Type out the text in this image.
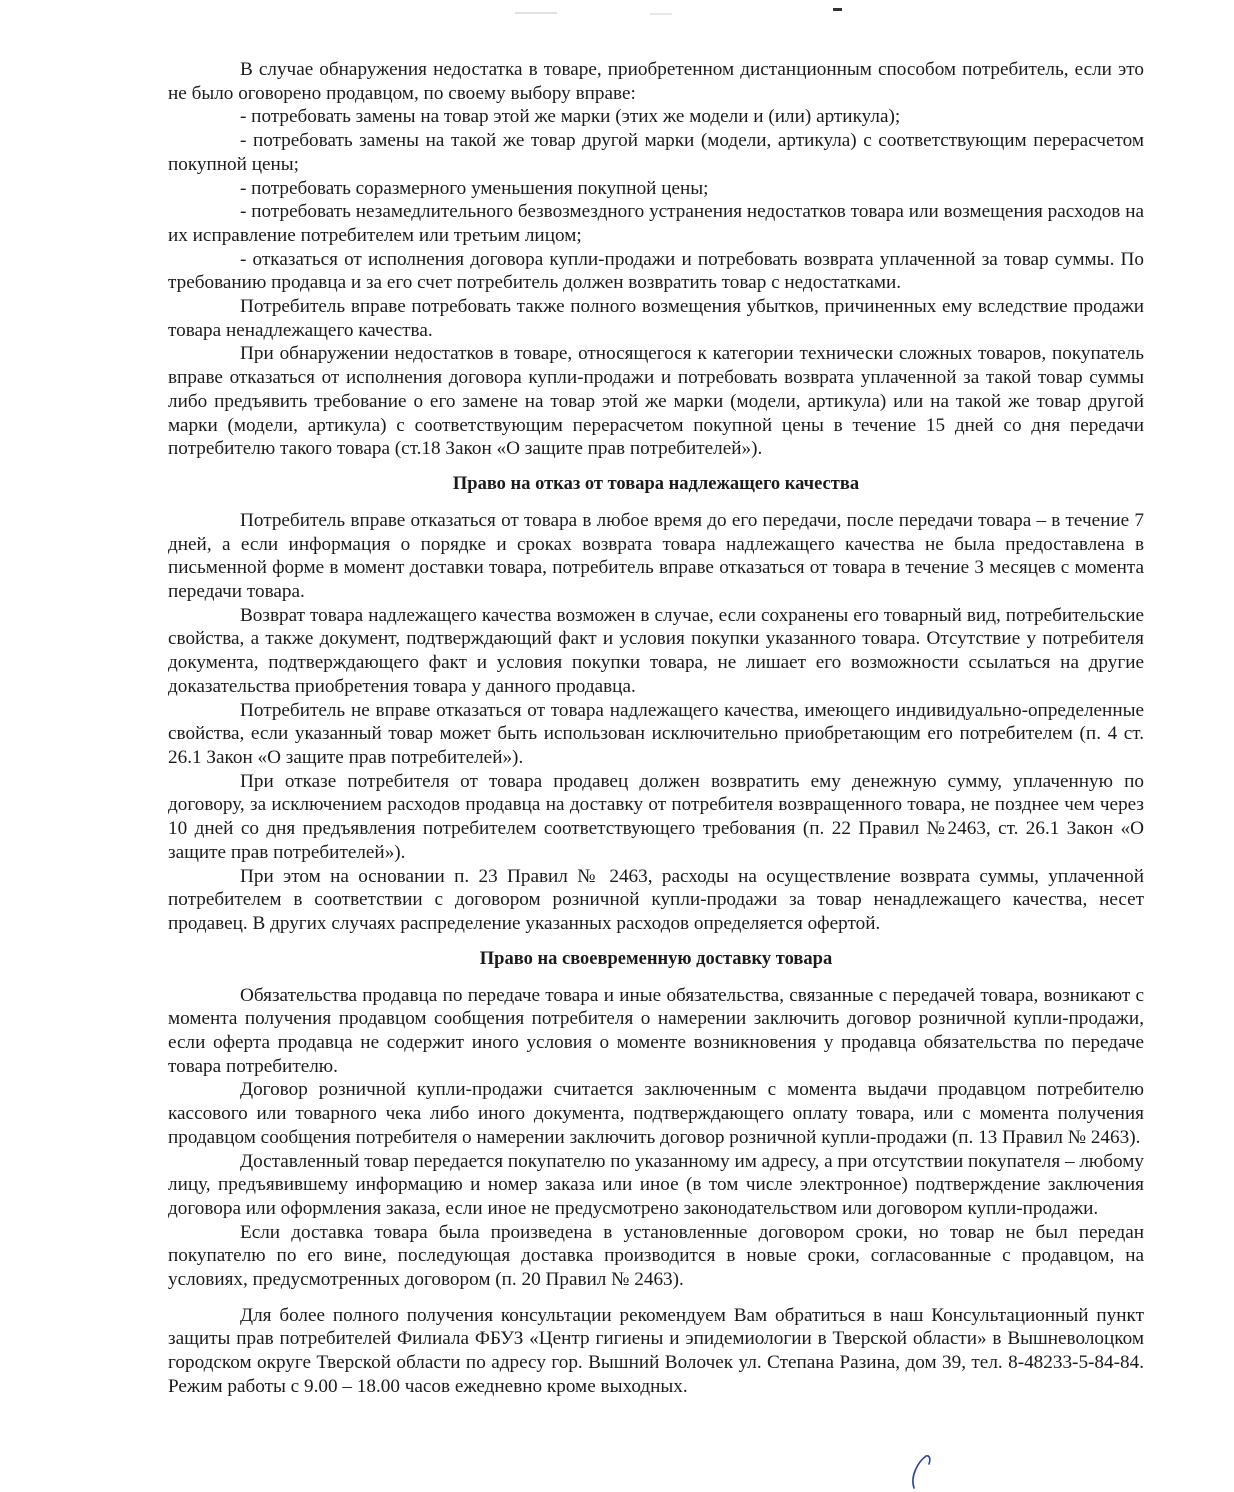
В случае обнаружения недостатка в товаре, приобретенном дистанционным способом потребитель, если это не было оговорено продавцом, по своему выбору вправе:

- потребовать замены на товар этой же марки (этих же модели и (или) артикула);

- потребовать замены на такой же товар другой марки (модели, артикула) с соответствующим перерасчетом покупной цены;

- потребовать соразмерного уменьшения покупной цены;

- потребовать незамедлительного безвозмездного устранения недостатков товара или возмещения расходов на их исправление потребителем или третьим лицом;

- отказаться от исполнения договора купли-продажи и потребовать возврата уплаченной за товар суммы. По требованию продавца и за его счет потребитель должен возвратить товар с недостатками.

Потребитель вправе потребовать также полного возмещения убытков, причиненных ему вследствие продажи товара ненадлежащего качества.

При обнаружении недостатков в товаре, относящегося к категории технически сложных товаров, покупатель вправе отказаться от исполнения договора купли-продажи и потребовать возврата уплаченной за такой товар суммы либо предъявить требование о его замене на товар этой же марки (модели, артикула) или на такой же товар другой марки (модели, артикула) с соответствующим перерасчетом покупной цены в течение 15 дней со дня передачи потребителю такого товара (ст.18 Закон «О защите прав потребителей»).

Право на отказ от товара надлежащего качества

Потребитель вправе отказаться от товара в любое время до его передачи, после передачи товара – в течение 7 дней, а если информация о порядке и сроках возврата товара надлежащего качества не была предоставлена в письменной форме в момент доставки товара, потребитель вправе отказаться от товара в течение 3 месяцев с момента передачи товара.

Возврат товара надлежащего качества возможен в случае, если сохранены его товарный вид, потребительские свойства, а также документ, подтверждающий факт и условия покупки указанного товара. Отсутствие у потребителя документа, подтверждающего факт и условия покупки товара, не лишает его возможности ссылаться на другие доказательства приобретения товара у данного продавца.

Потребитель не вправе отказаться от товара надлежащего качества, имеющего индивидуально-определенные свойства, если указанный товар может быть использован исключительно приобретающим его потребителем (п. 4 ст. 26.1 Закон «О защите прав потребителей»).

При отказе потребителя от товара продавец должен возвратить ему денежную сумму, уплаченную по договору, за исключением расходов продавца на доставку от потребителя возвращенного товара, не позднее чем через 10 дней со дня предъявления потребителем соответствующего требования (п. 22 Правил №2463, ст. 26.1 Закон «О защите прав потребителей»).

При этом на основании п. 23 Правил № 2463, расходы на осуществление возврата суммы, уплаченной потребителем в соответствии с договором розничной купли-продажи за товар ненадлежащего качества, несет продавец. В других случаях распределение указанных расходов определяется офертой.

Право на своевременную доставку товара

Обязательства продавца по передаче товара и иные обязательства, связанные с передачей товара, возникают с момента получения продавцом сообщения потребителя о намерении заключить договор розничной купли-продажи, если оферта продавца не содержит иного условия о моменте возникновения у продавца обязательства по передаче товара потребителю.

Договор розничной купли-продажи считается заключенным с момента выдачи продавцом потребителю кассового или товарного чека либо иного документа, подтверждающего оплату товара, или с момента получения продавцом сообщения потребителя о намерении заключить договор розничной купли-продажи (п. 13 Правил № 2463).

Доставленный товар передается покупателю по указанному им адресу, а при отсутствии покупателя – любому лицу, предъявившему информацию и номер заказа или иное (в том числе электронное) подтверждение заключения договора или оформления заказа, если иное не предусмотрено законодательством или договором купли-продажи.

Если доставка товара была произведена в установленные договором сроки, но товар не был передан покупателю по его вине, последующая доставка производится в новые сроки, согласованные с продавцом, на условиях, предусмотренных договором (п. 20 Правил № 2463).

Для более полного получения консультации рекомендуем Вам обратиться в наш Консультационный пункт защиты прав потребителей Филиала ФБУЗ «Центр гигиены и эпидемиологии в Тверской области» в Вышневолоцком городском округе Тверской области по адресу гор. Вышний Волочек ул. Степана Разина, дом 39, тел. 8-48233-5-84-84. Режим работы с 9.00 – 18.00 часов ежедневно кроме выходных.
